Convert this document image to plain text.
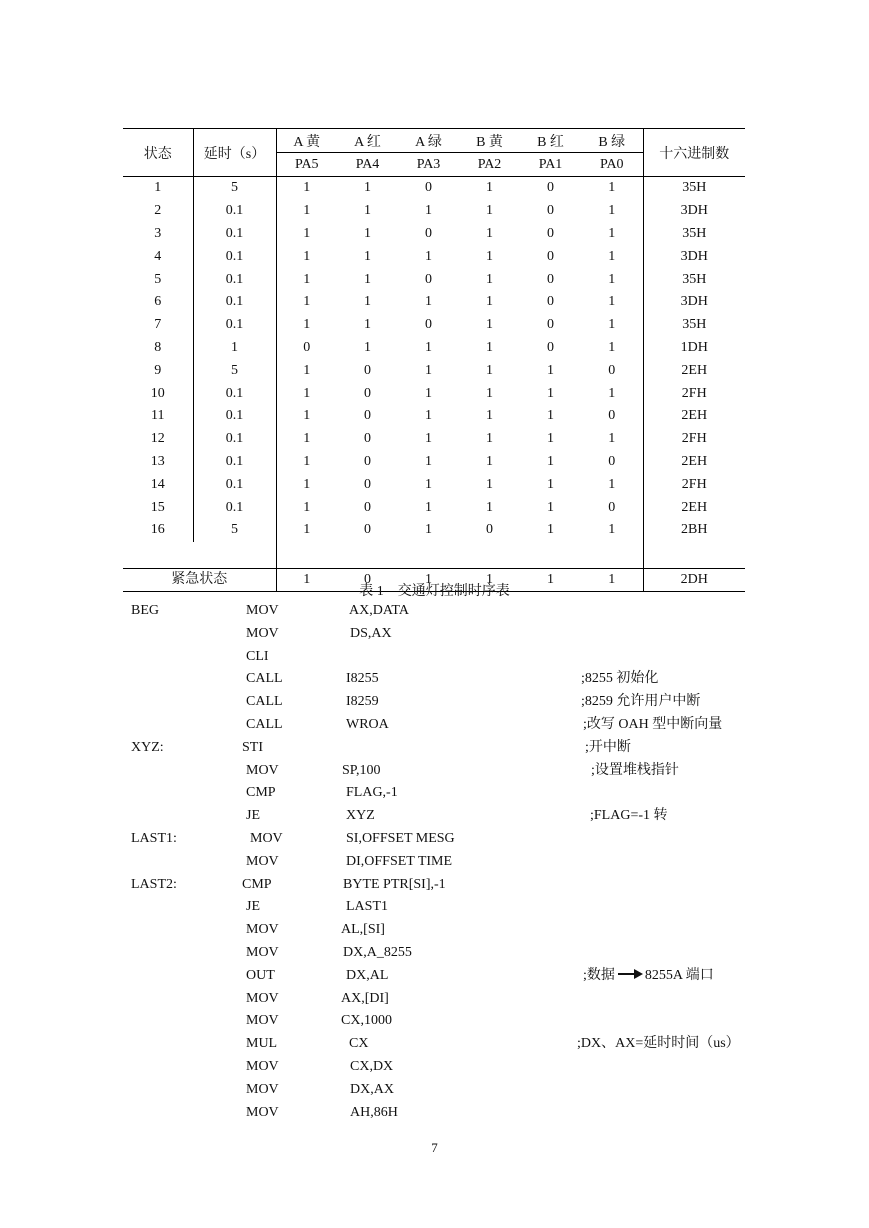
状态	延时（s）	A 黄	A 红	A 绿	B 黄	B 红	B 绿	十六进制数
		PA5	PA4	PA3	PA2	PA1	PA0	
1	5	1	1	0	1	0	1	35H
2	0.1	1	1	1	1	0	1	3DH
3	0.1	1	1	0	1	0	1	35H
4	0.1	1	1	1	1	0	1	3DH
5	0.1	1	1	0	1	0	1	35H
6	0.1	1	1	1	1	0	1	3DH
7	0.1	1	1	0	1	0	1	35H
8	1	0	1	1	1	0	1	1DH
9	5	1	0	1	1	1	0	2EH
10	0.1	1	0	1	1	1	1	2FH
11	0.1	1	0	1	1	1	0	2EH
12	0.1	1	0	1	1	1	1	2FH
13	0.1	1	0	1	1	1	0	2EH
14	0.1	1	0	1	1	1	1	2FH
15	0.1	1	0	1	1	1	0	2EH
16	5	1	0	1	0	1	1	2BH

紧急状态		1	0	1	1	1	1	2DH
表 1　交通灯控制时序表
BEG	MOV	AX,DATA
MOV	DS,AX
CLI
CALL	I8255	;8255 初始化
CALL	I8259	;8259 允许用户中断
CALL	WROA	;改写 OAH 型中断向量
XYZ:	STI	;开中断
MOV	SP,100	;设置堆栈指针
CMP	FLAG,-1
JE	XYZ	;FLAG=-1 转
LAST1:	MOV	SI,OFFSET MESG
MOV	DI,OFFSET TIME
LAST2:	CMP	BYTE PTR[SI],-1
JE	LAST1
MOV	AL,[SI]
MOV	DX,A_8255
OUT	DX,AL	;数据 8255A 端口
MOV	AX,[DI]
MOV	CX,1000
MUL	CX	;DX、AX=延时时间（us）
MOV	CX,DX
MOV	DX,AX
MOV	AH,86H
7
